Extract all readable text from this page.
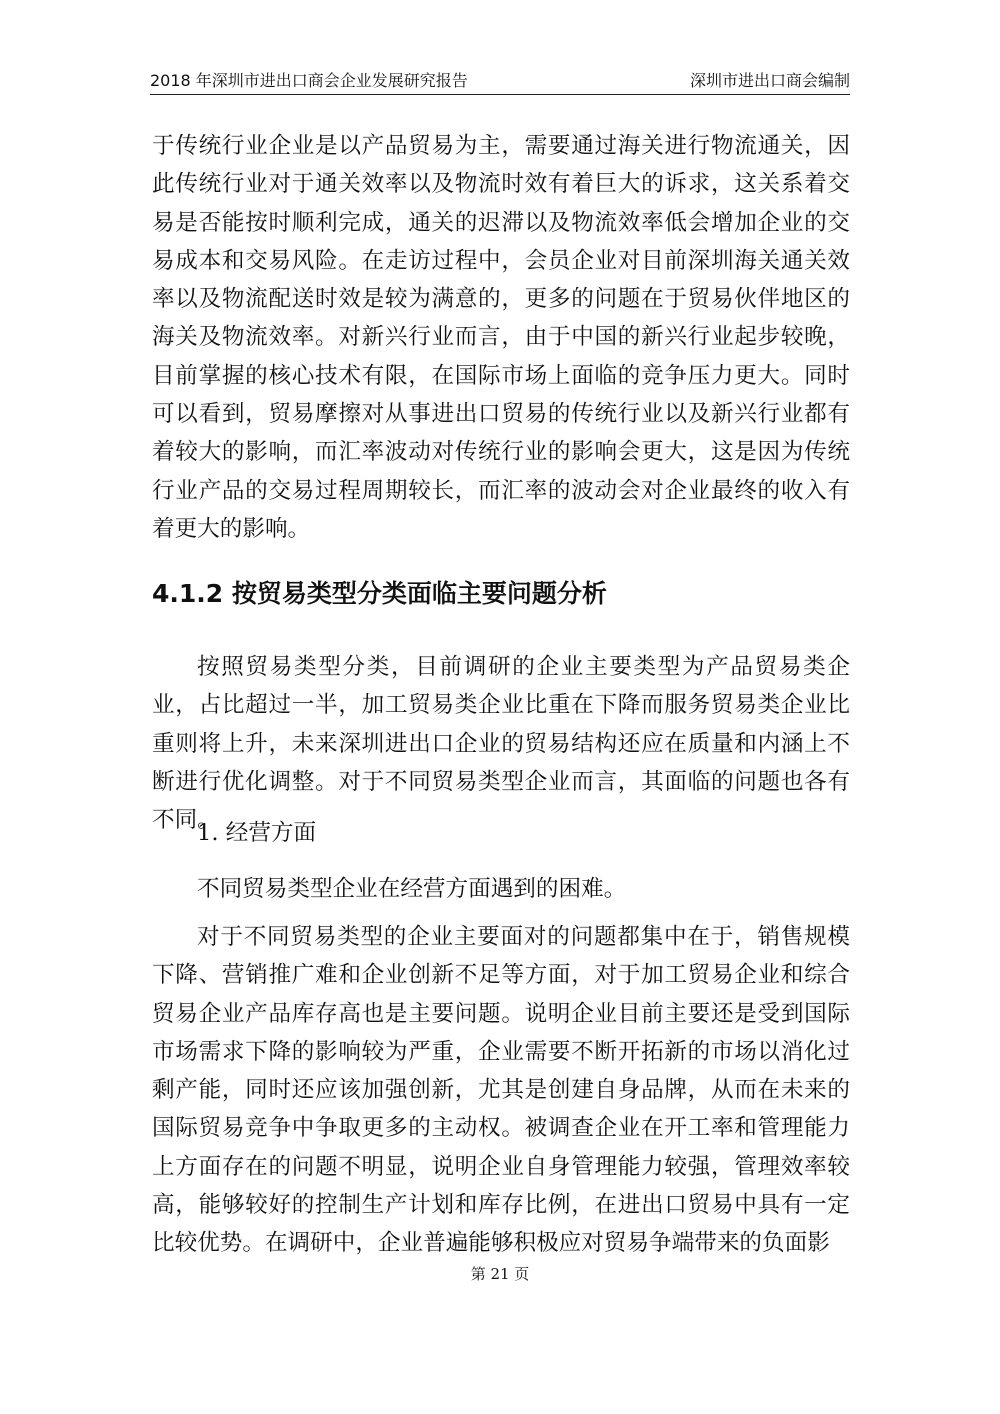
2018 年深圳市进出口商会企业发展研究报告	深圳市进出口商会编制

于传统行业企业是以产品贸易为主，需要通过海关进行物流通关，因此传统行业对于通关效率以及物流时效有着巨大的诉求，这关系着交易是否能按时顺利完成，通关的迟滞以及物流效率低会增加企业的交易成本和交易风险。在走访过程中，会员企业对目前深圳海关通关效率以及物流配送时效是较为满意的，更多的问题在于贸易伙伴地区的海关及物流效率。对新兴行业而言，由于中国的新兴行业起步较晚，目前掌握的核心技术有限，在国际市场上面临的竞争压力更大。同时可以看到，贸易摩擦对从事进出口贸易的传统行业以及新兴行业都有着较大的影响，而汇率波动对传统行业的影响会更大，这是因为传统行业产品的交易过程周期较长，而汇率的波动会对企业最终的收入有着更大的影响。

4.1.2 按贸易类型分类面临主要问题分析

按照贸易类型分类，目前调研的企业主要类型为产品贸易类企业，占比超过一半，加工贸易类企业比重在下降而服务贸易类企业比重则将上升，未来深圳进出口企业的贸易结构还应在质量和内涵上不断进行优化调整。对于不同贸易类型企业而言，其面临的问题也各有不同。

1. 经营方面

不同贸易类型企业在经营方面遇到的困难。

对于不同贸易类型的企业主要面对的问题都集中在于，销售规模下降、营销推广难和企业创新不足等方面，对于加工贸易企业和综合贸易企业产品库存高也是主要问题。说明企业目前主要还是受到国际市场需求下降的影响较为严重，企业需要不断开拓新的市场以消化过剩产能，同时还应该加强创新，尤其是创建自身品牌，从而在未来的国际贸易竞争中争取更多的主动权。被调查企业在开工率和管理能力上方面存在的问题不明显，说明企业自身管理能力较强，管理效率较高，能够较好的控制生产计划和库存比例，在进出口贸易中具有一定比较优势。在调研中，企业普遍能够积极应对贸易争端带来的负面影

第 21 页
